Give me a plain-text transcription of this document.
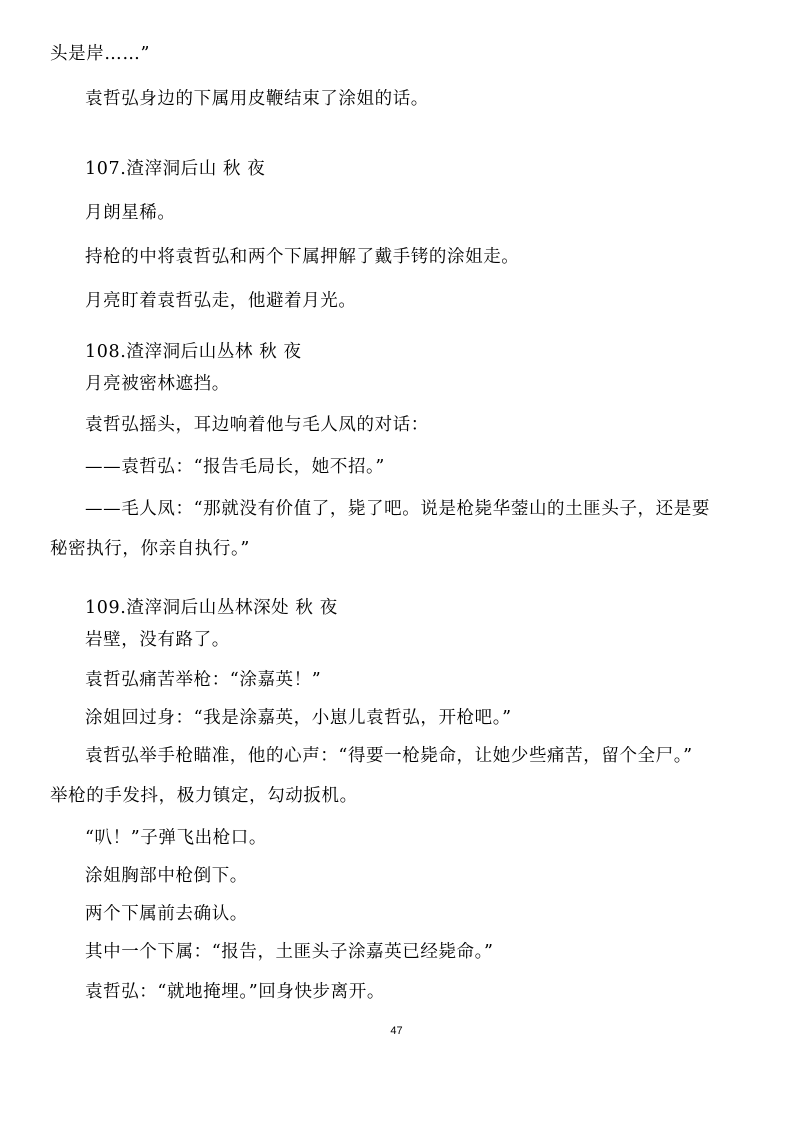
头是岸……”
袁哲弘身边的下属用皮鞭结束了涂姐的话。
107.渣滓洞后山 秋 夜
月朗星稀。
持枪的中将袁哲弘和两个下属押解了戴手铐的涂姐走。
月亮盯着袁哲弘走，他避着月光。
108.渣滓洞后山丛林 秋 夜
月亮被密林遮挡。
袁哲弘摇头，耳边响着他与毛人凤的对话：
——袁哲弘：“报告毛局长，她不招。”
——毛人凤：“那就没有价值了，毙了吧。说是枪毙华蓥山的土匪头子，还是要
秘密执行，你亲自执行。”
109.渣滓洞后山丛林深处 秋 夜
岩壁，没有路了。
袁哲弘痛苦举枪：“涂嘉英！”
涂姐回过身：“我是涂嘉英，小崽儿袁哲弘，开枪吧。”
袁哲弘举手枪瞄准，他的心声：“得要一枪毙命，让她少些痛苦，留个全尸。”
举枪的手发抖，极力镇定，勾动扳机。
“叭！”子弹飞出枪口。
涂姐胸部中枪倒下。
两个下属前去确认。
其中一个下属：“报告，土匪头子涂嘉英已经毙命。”
袁哲弘：“就地掩埋。”回身快步离开。
47
